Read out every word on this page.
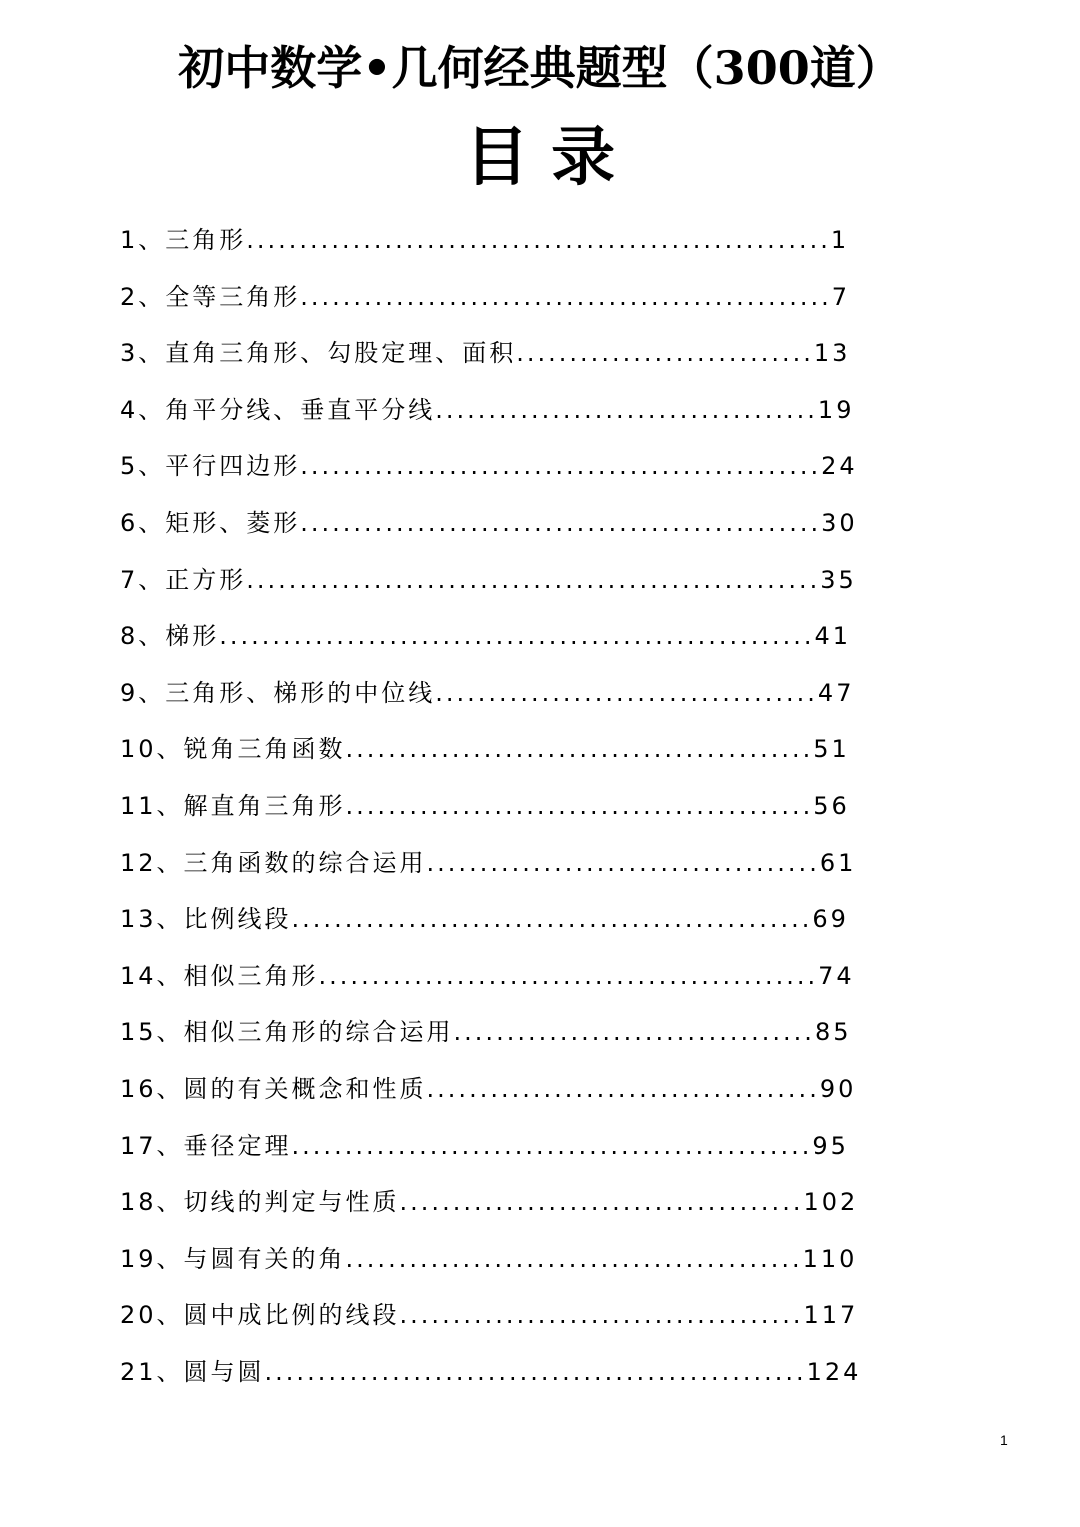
初中数学•几何经典题型（300道）
目 录
1、三角形.......................................................1
2、全等三角形..................................................7
3、直角三角形、勾股定理、面积............................13
4、角平分线、垂直平分线....................................19
5、平行四边形.................................................24
6、矩形、菱形.................................................30
7、正方形......................................................35
8、梯形........................................................41
9、三角形、梯形的中位线....................................47
10、锐角三角函数............................................51
11、解直角三角形............................................56
12、三角函数的综合运用.....................................61
13、比例线段.................................................69
14、相似三角形...............................................74
15、相似三角形的综合运用..................................85
16、圆的有关概念和性质.....................................90
17、垂径定理.................................................95
18、切线的判定与性质......................................102
19、与圆有关的角...........................................110
20、圆中成比例的线段......................................117
21、圆与圆...................................................124
1
